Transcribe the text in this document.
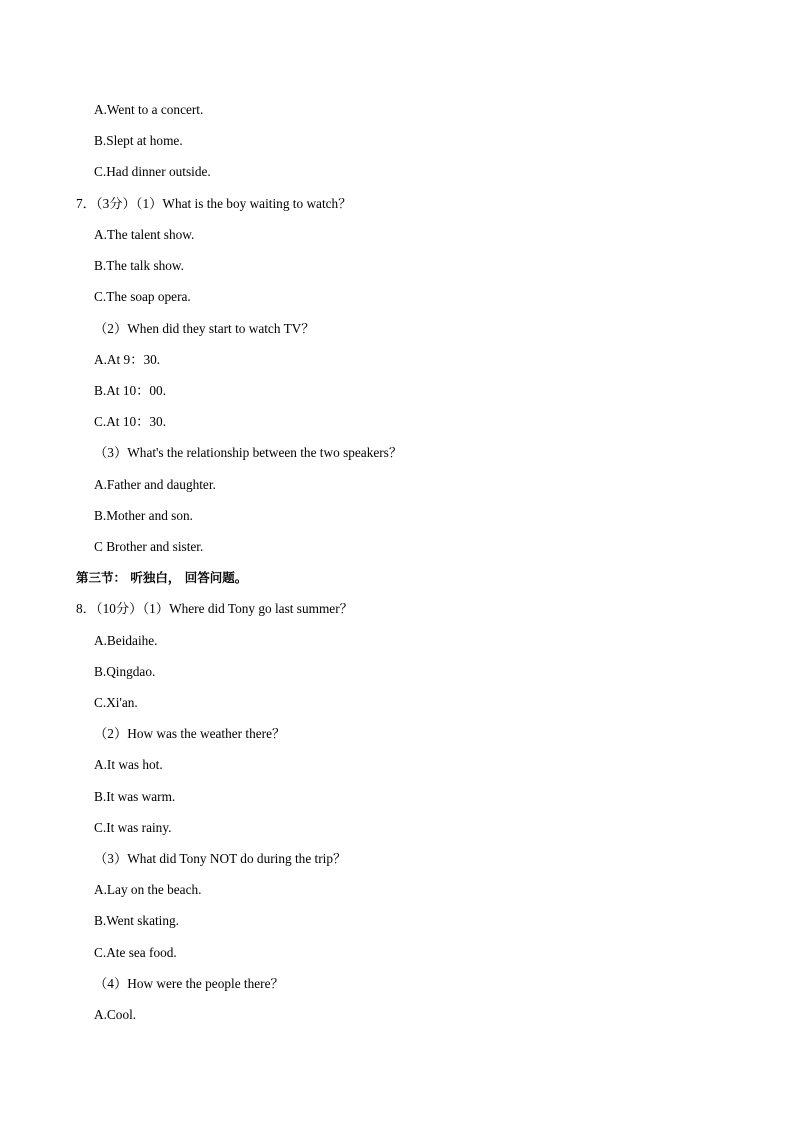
A.Went to a concert.
B.Slept at home.
C.Had dinner outside.
7．（3分）（1）What is the boy waiting to watch？
A.The talent show.
B.The talk show.
C.The soap opera.
（2）When did they start to watch TV？
A.At 9：30.
B.At 10：00.
C.At 10：30.
（3）What's the relationship between the two speakers？
A.Father and daughter.
B.Mother and son.
C Brother and sister.
第三节： 听独白， 回答问题。
8．（10分）（1）Where did Tony go last summer？
A.Beidaihe.
B.Qingdao.
C.Xi'an.
（2）How was the weather there？
A.It was hot.
B.It was warm.
C.It was rainy.
（3）What did Tony NOT do during the trip？
A.Lay on the beach.
B.Went skating.
C.Ate sea food.
（4）How were the people there？
A.Cool.
